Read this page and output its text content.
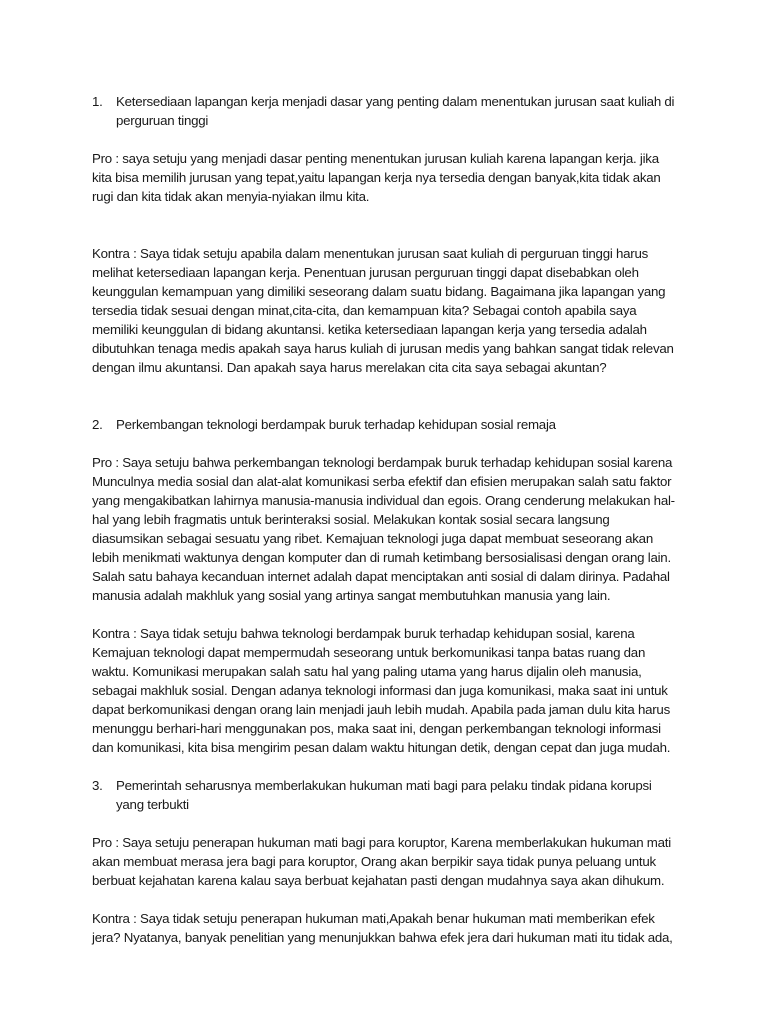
1. Ketersediaan lapangan kerja menjadi dasar yang penting dalam menentukan jurusan saat kuliah di perguruan tinggi

Pro : saya setuju yang menjadi dasar penting menentukan jurusan kuliah karena lapangan kerja. jika kita bisa memilih jurusan yang tepat,yaitu lapangan kerja nya tersedia dengan banyak,kita tidak akan rugi dan kita tidak akan menyia-nyiakan ilmu kita.

Kontra : Saya tidak setuju apabila dalam menentukan jurusan saat kuliah di perguruan tinggi harus melihat ketersediaan lapangan kerja. Penentuan jurusan perguruan tinggi dapat disebabkan oleh keunggulan kemampuan yang dimiliki seseorang dalam suatu bidang. Bagaimana jika lapangan yang tersedia tidak sesuai dengan minat,cita-cita, dan kemampuan kita? Sebagai contoh apabila saya memiliki keunggulan di bidang akuntansi. ketika ketersediaan lapangan kerja yang tersedia adalah dibutuhkan tenaga medis apakah saya harus kuliah di jurusan medis yang bahkan sangat tidak relevan dengan ilmu akuntansi. Dan apakah saya harus merelakan cita cita saya sebagai akuntan?

2. Perkembangan teknologi berdampak buruk terhadap kehidupan sosial remaja

Pro : Saya setuju bahwa perkembangan teknologi berdampak buruk terhadap kehidupan sosial karena Munculnya media sosial dan alat-alat komunikasi serba efektif dan efisien merupakan salah satu faktor yang mengakibatkan lahirnya manusia-manusia individual dan egois. Orang cenderung melakukan hal-hal yang lebih fragmatis untuk berinteraksi sosial. Melakukan kontak sosial secara langsung diasumsikan sebagai sesuatu yang ribet. Kemajuan teknologi juga dapat membuat seseorang akan lebih menikmati waktunya dengan komputer dan di rumah ketimbang bersosialisasi dengan orang lain. Salah satu bahaya kecanduan internet adalah dapat menciptakan anti sosial di dalam dirinya. Padahal manusia adalah makhluk yang sosial yang artinya sangat membutuhkan manusia yang lain.

Kontra : Saya tidak setuju bahwa teknologi berdampak buruk terhadap kehidupan sosial, karena Kemajuan teknologi dapat mempermudah seseorang untuk berkomunikasi tanpa batas ruang dan waktu. Komunikasi merupakan salah satu hal yang paling utama yang harus dijalin oleh manusia, sebagai makhluk sosial. Dengan adanya teknologi informasi dan juga komunikasi, maka saat ini untuk dapat berkomunikasi dengan orang lain menjadi jauh lebih mudah. Apabila pada jaman dulu kita harus menunggu berhari-hari menggunakan pos, maka saat ini, dengan perkembangan teknologi informasi dan komunikasi, kita bisa mengirim pesan dalam waktu hitungan detik, dengan cepat dan juga mudah.

3. Pemerintah seharusnya memberlakukan hukuman mati bagi para pelaku tindak pidana korupsi yang terbukti

Pro : Saya setuju penerapan hukuman mati bagi para koruptor, Karena memberlakukan hukuman mati akan membuat merasa jera bagi para koruptor, Orang akan berpikir saya tidak punya peluang untuk berbuat kejahatan karena kalau saya berbuat kejahatan pasti dengan mudahnya saya akan dihukum.

Kontra : Saya tidak setuju penerapan hukuman mati,Apakah benar hukuman mati memberikan efek jera? Nyatanya, banyak penelitian yang menunjukkan bahwa efek jera dari hukuman mati itu tidak ada,
